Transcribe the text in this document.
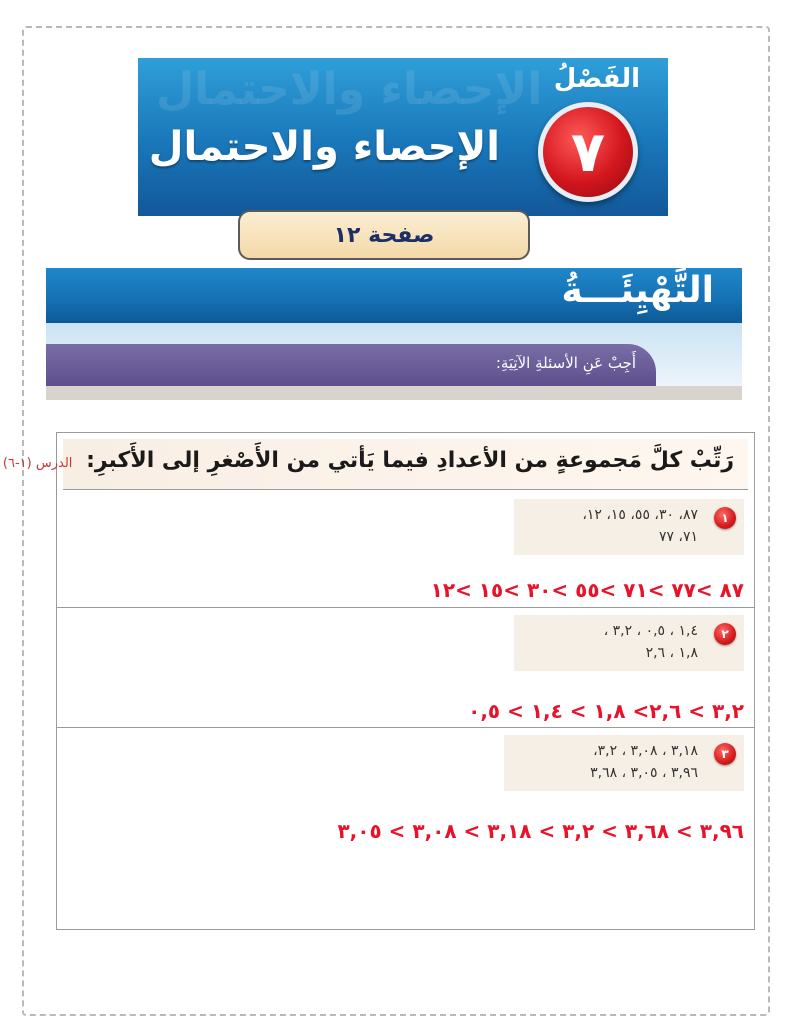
الإحصاء والاحتمال الفَصْلُ
٧
الإحصاء والاحتمال
صفحة ١٢
التَّهْيِئَـــةُ
أَجِبْ عَنِ الأسئلةِ الآتِيَةِ:
رَتِّبْ كلَّ مَجموعةٍ من الأعدادِ فيما يَأتي من الأَصْغرِ إلى الأَكبرِ: الدرس (١-٦)
١
٨٧، ٣٠، ٥٥، ١٥، ١٢،
٧١، ٧٧
٨٧ >٧٧ >٧١ >٥٥ >٣٠ >١٥ >١٢
٢
١,٤ ، ٠,٥ ، ٣,٢ ،
١,٨ ، ٢,٦
٣,٢ > ٢,٦> ١,٨ > ١,٤ > ٠,٥
٣
٣,١٨ ، ٣,٠٨ ، ٣,٢،
٣,٩٦ ، ٣,٠٥ ، ٣,٦٨
٣,٩٦ > ٣,٦٨ > ٣,٢ > ٣,١٨ > ٣,٠٨ > ٣,٠٥
